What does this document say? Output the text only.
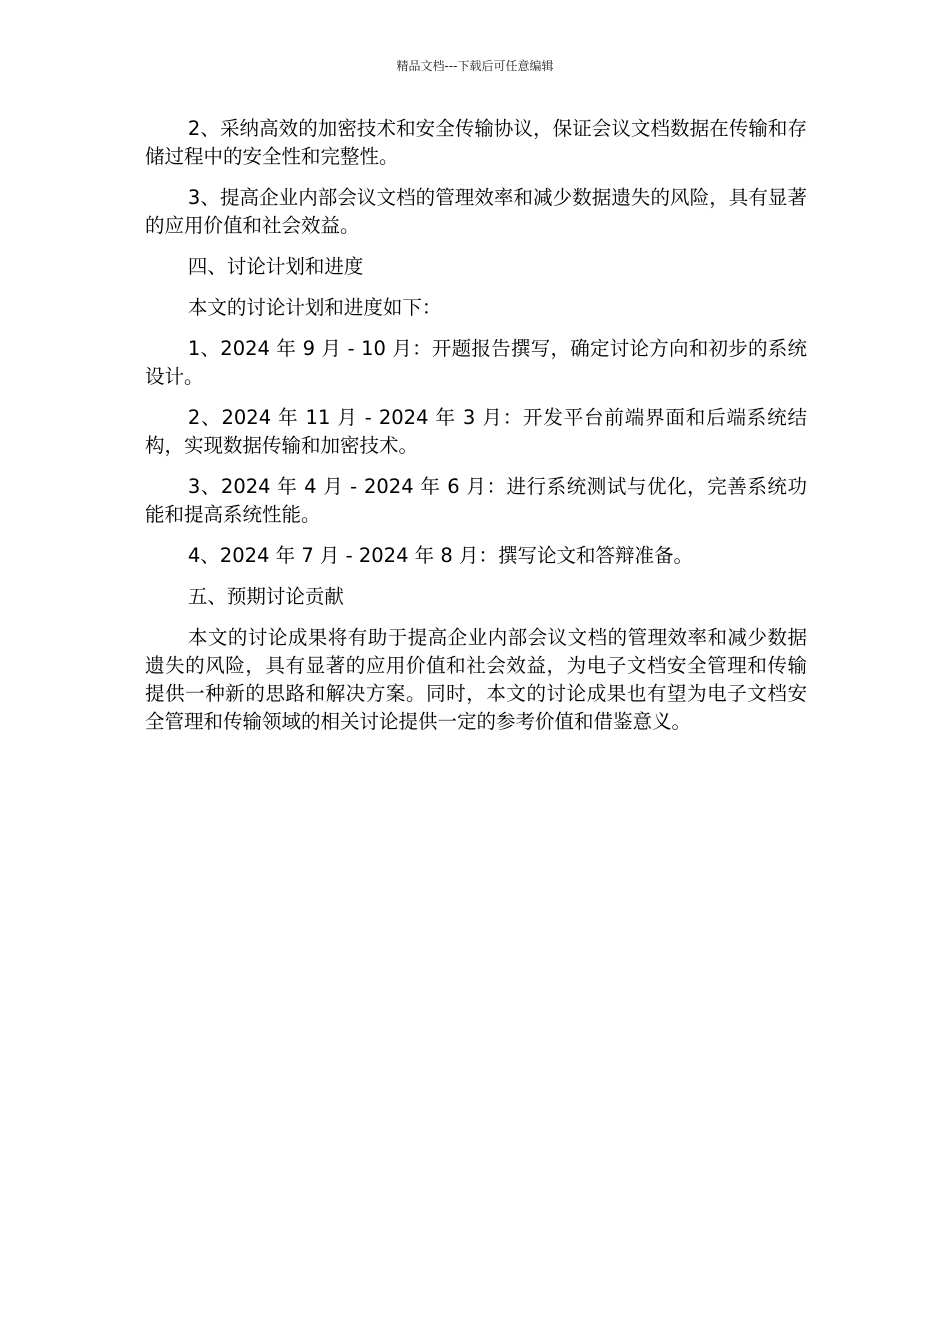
精品文档---下载后可任意编辑

2、采纳高效的加密技术和安全传输协议，保证会议文档数据在传输和存储过程中的安全性和完整性。

3、提高企业内部会议文档的管理效率和减少数据遗失的风险，具有显著的应用价值和社会效益。

四、讨论计划和进度

本文的讨论计划和进度如下：

1、2024 年 9 月 - 10 月：开题报告撰写，确定讨论方向和初步的系统设计。

2、2024 年 11 月 - 2024 年 3 月：开发平台前端界面和后端系统结构，实现数据传输和加密技术。

3、2024 年 4 月 - 2024 年 6 月：进行系统测试与优化，完善系统功能和提高系统性能。

4、2024 年 7 月 - 2024 年 8 月：撰写论文和答辩准备。

五、预期讨论贡献

本文的讨论成果将有助于提高企业内部会议文档的管理效率和减少数据遗失的风险，具有显著的应用价值和社会效益，为电子文档安全管理和传输提供一种新的思路和解决方案。同时，本文的讨论成果也有望为电子文档安全管理和传输领域的相关讨论提供一定的参考价值和借鉴意义。
